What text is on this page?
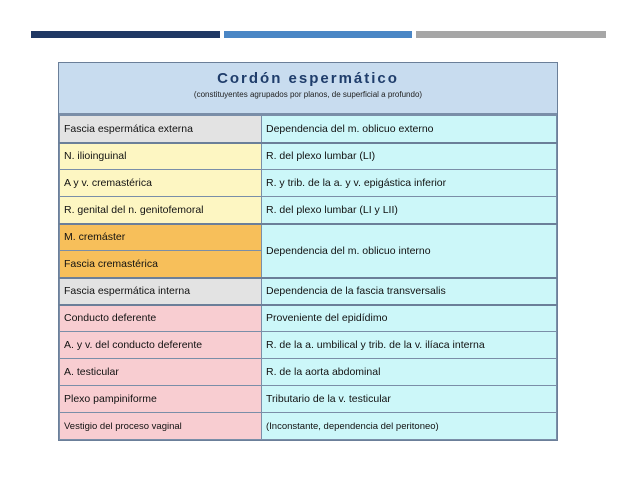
Cordón espermático
(constituyentes agrupados por planos, de superficial a profundo)
Fascia espermática externa	Dependencia del m. oblicuo externo
N. ilioinguinal	R. del plexo lumbar (LI)
A y v. cremastérica	R. y trib. de la a. y v. epigástica inferior
R. genital del n. genitofemoral	R. del plexo lumbar (LI y LII)
M. cremáster	Dependencia del m. oblicuo interno
Fascia cremastérica	
Fascia espermática interna	Dependencia de la fascia transversalis
Conducto deferente	Proveniente del epidídimo
A. y v. del conducto deferente	R. de la a. umbilical y trib. de la v. ilíaca interna
A. testicular	R. de la aorta abdominal
Plexo pampiniforme	Tributario de la v. testicular
Vestigio del proceso vaginal	(Inconstante, dependencia del peritoneo)
